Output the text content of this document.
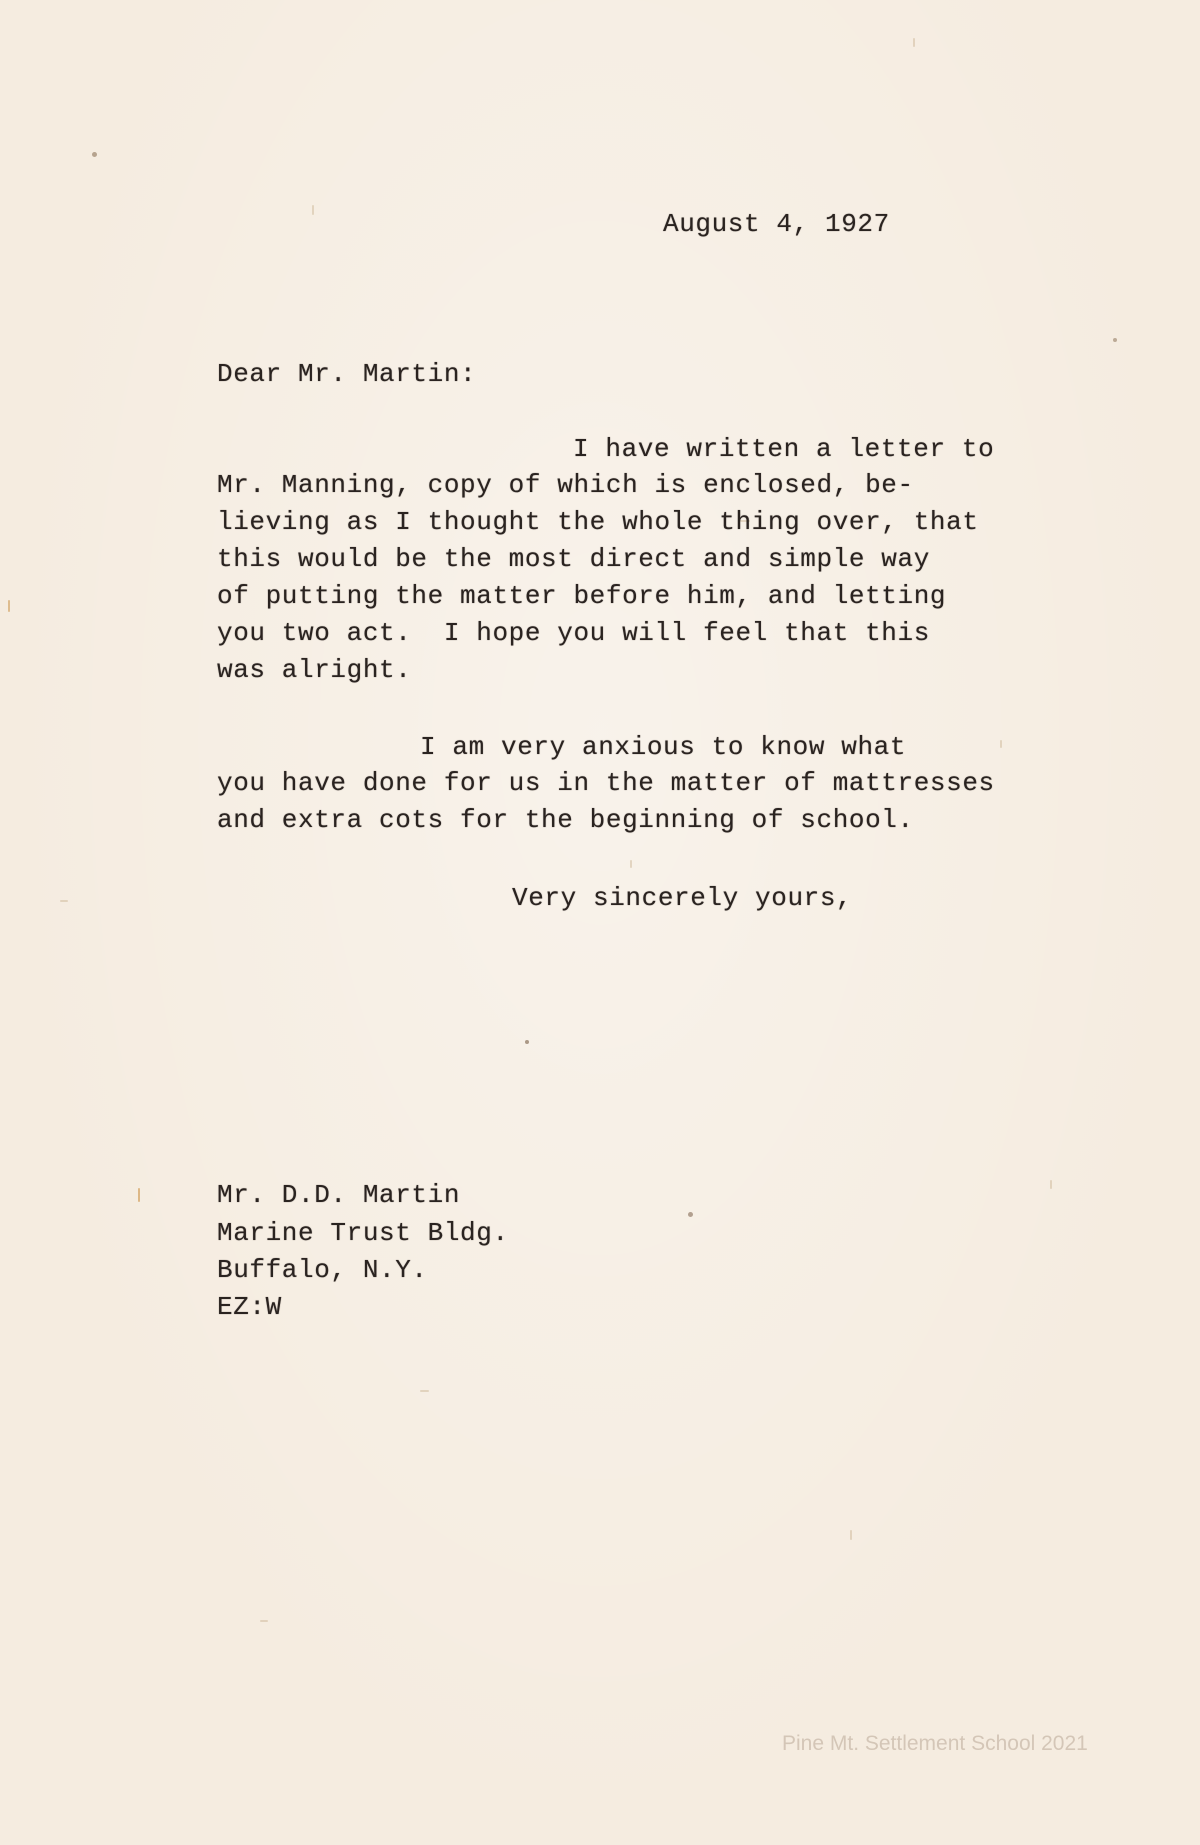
August 4, 1927
Dear Mr. Martin:
I have written a letter to
Mr. Manning, copy of which is enclosed, be-
lieving as I thought the whole thing over, that
this would be the most direct and simple way
of putting the matter before him, and letting
you two act.  I hope you will feel that this
was alright.
I am very anxious to know what
you have done for us in the matter of mattresses
and extra cots for the beginning of school.
Very sincerely yours,
Mr. D.D. Martin
Marine Trust Bldg.
Buffalo, N.Y.
EZ:W
Pine Mt. Settlement School 2021
